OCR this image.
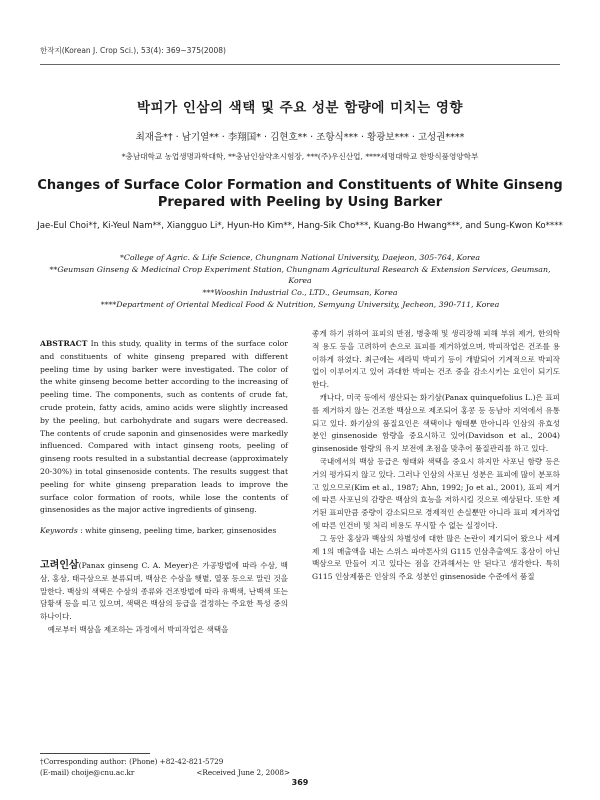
한작지(Korean J. Crop Sci.), 53(4): 369~375(2008)
박피가 인삼의 색택 및 주요 성분 함량에 미치는 영향
최재을*† · 남기열** · 李翔国* · 김현호** · 조항식*** · 황광보*** · 고성권****
*충남대학교 농업생명과학대학, **충남인삼약초시험장, ***(주)우신산업, ****세명대학교 한방식품영양학부
Changes of Surface Color Formation and Constituents of White Ginseng Prepared with Peeling by Using Barker
Jae-Eul Choi*†, Ki-Yeul Nam**, Xiangguo Li*, Hyun-Ho Kim**, Hang-Sik Cho***, Kuang-Bo Hwang***, and Sung-Kwon Ko****
*College of Agric. & Life Science, Chungnam National University, Daejeon, 305-764, Korea
**Geumsan Ginseng & Medicinal Crop Experiment Station, Chungnam Agricultural Research & Extension Services, Geumsan, Korea
***Wooshin Industrial Co., LTD., Geumsan, Korea
****Department of Oriental Medical Food & Nutrition, Semyung University, Jecheon, 390-711, Korea

ABSTRACT In this study, quality in terms of the surface color and constituents of white ginseng prepared with different peeling time by using barker were investigated. The color of the white ginseng become better according to the increasing of peeling time. The components, such as contents of crude fat, crude protein, fatty acids, amino acids were slightly increased by the peeling, but carbohydrate and sugars were decreased. The contents of crude saponin and ginsenosides were markedly influenced. Compared with intact ginseng roots, peeling of ginseng roots resulted in a substantial decrease (approximately 20-30%) in total ginsenoside contents. The results suggest that peeling for white ginseng preparation leads to improve the surface color formation of roots, while lose the contents of ginsenosides as the major active ingredients of ginseng.

Keywords : white ginseng, peeling time, barker, ginsenosides

고려인삼(Panax ginseng C. A. Meyer)은 가공방법에 따라 수삼, 백삼, 홍삼, 태극삼으로 분류되며, 백삼은 수삼을 햇볕, 열풍 등으로 말린 것을 말한다. 백삼의 색택은 수삼의 종류와 건조방법에 따라 유백색, 난백색 또는 담황색 등을 띠고 있으며, 색택은 백삼의 등급을 결정하는 주요한 특성 중의 하나이다.

예로부터 백삼을 제조하는 과정에서 박피작업은 색택을

좋게 하기 위하여 표피의 반점, 병충해 및 생리장해 피해 부위 제거, 한의학적 용도 등을 고려하여 손으로 표피를 제거하였으며, 박피작업은 건조를 용이하게 하였다. 최근에는 세라믹 박피기 등이 개발되어 기계적으로 박피작업이 이루어지고 있어 과대한 박피는 건조 중을 감소시키는 요인이 되기도 한다.

캐나다, 미국 등에서 생산되는 화기삼(Panax quinquefolius L.)은 표피를 제거하지 않는 건조한 백삼으로 제조되어 홍콩 등 동남아 지역에서 유통되고 있다. 화기삼의 품질요인은 색택이나 형태뿐 만아니라 인삼의 유효성분인 ginsenoside 함량을 중요시하고 있어(Davidson et al., 2004) ginsenoside 함량의 유지 보전에 초점을 맞추어 품질관리를 하고 있다.

국내에서의 백삼 등급은 형태와 색택을 중요시 하지만 사포닌 함량 등은 거의 평가되지 않고 있다. 그러나 인삼의 사포닌 성분은 표피에 많이 분포하고 있으므로(Kim et al., 1987; Ahn, 1992; Jo et al., 2001), 표피 제거에 따른 사포닌의 감량은 백삼의 효능을 저하시킬 것으로 예상된다. 또한 제거된 표피만큼 중량이 감소되므로 경제적인 손실뿐만 아니라 표피 제거작업에 따른 인건비 및 처리 비용도 무시할 수 없는 실정이다.

그 동안 홍삼과 백삼의 차별성에 대한 많은 논란이 제기되어 왔으나 세계 제 1의 매출액을 내는 스위스 파마톤사의 G115 인삼추출액도 홍삼이 아닌 백삼으로 만들어 지고 있다는 점을 간과해서는 안 된다고 생각한다. 특히 G115 인삼제품은 인삼의 주요 성분인 ginsenoside 수준에서 품질

†Corresponding author: (Phone) +82-42-821-5729
(E-mail) choije@cnu.ac.kr	<Received June 2, 2008>
369
